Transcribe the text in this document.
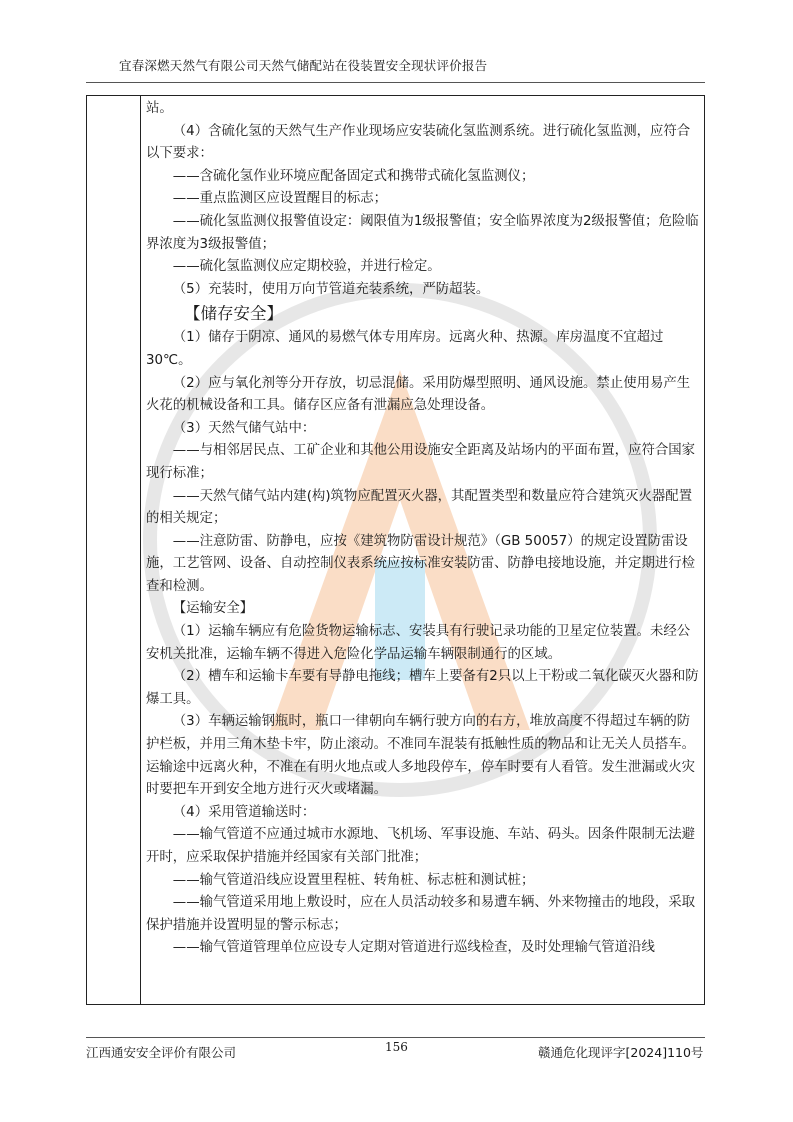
宜春深燃天然气有限公司天然气储配站在役装置安全现状评价报告

站。

（4）含硫化氢的天然气生产作业现场应安装硫化氢监测系统。进行硫化氢监测，应符合以下要求：

——含硫化氢作业环境应配备固定式和携带式硫化氢监测仪；

——重点监测区应设置醒目的标志；

——硫化氢监测仪报警值设定：阈限值为1级报警值；安全临界浓度为2级报警值；危险临界浓度为3级报警值；

——硫化氢监测仪应定期校验，并进行检定。

（5）充装时，使用万向节管道充装系统，严防超装。

【储存安全】

（1）储存于阴凉、通风的易燃气体专用库房。远离火种、热源。库房温度不宜超过30℃。

（2）应与氧化剂等分开存放，切忌混储。采用防爆型照明、通风设施。禁止使用易产生火花的机械设备和工具。储存区应备有泄漏应急处理设备。

（3）天然气储气站中：

——与相邻居民点、工矿企业和其他公用设施安全距离及站场内的平面布置，应符合国家现行标准；

——天然气储气站内建(构)筑物应配置灭火器，其配置类型和数量应符合建筑灭火器配置的相关规定；

——注意防雷、防静电，应按《建筑物防雷设计规范》（GB 50057）的规定设置防雷设施，工艺管网、设备、自动控制仪表系统应按标准安装防雷、防静电接地设施，并定期进行检查和检测。

【运输安全】

（1）运输车辆应有危险货物运输标志、安装具有行驶记录功能的卫星定位装置。未经公安机关批准，运输车辆不得进入危险化学品运输车辆限制通行的区域。

（2）槽车和运输卡车要有导静电拖线；槽车上要备有2只以上干粉或二氧化碳灭火器和防爆工具。

（3）车辆运输钢瓶时，瓶口一律朝向车辆行驶方向的右方，堆放高度不得超过车辆的防护栏板，并用三角木垫卡牢，防止滚动。不准同车混装有抵触性质的物品和让无关人员搭车。运输途中远离火种，不准在有明火地点或人多地段停车，停车时要有人看管。发生泄漏或火灾时要把车开到安全地方进行灭火或堵漏。

（4）采用管道输送时：

——输气管道不应通过城市水源地、飞机场、军事设施、车站、码头。因条件限制无法避开时，应采取保护措施并经国家有关部门批准；

——输气管道沿线应设置里程桩、转角桩、标志桩和测试桩；

——输气管道采用地上敷设时，应在人员活动较多和易遭车辆、外来物撞击的地段，采取保护措施并设置明显的警示标志；

——输气管道管理单位应设专人定期对管道进行巡线检查，及时处理输气管道沿线

江西通安安全评价有限公司	156	赣通危化现评字[2024]110号
